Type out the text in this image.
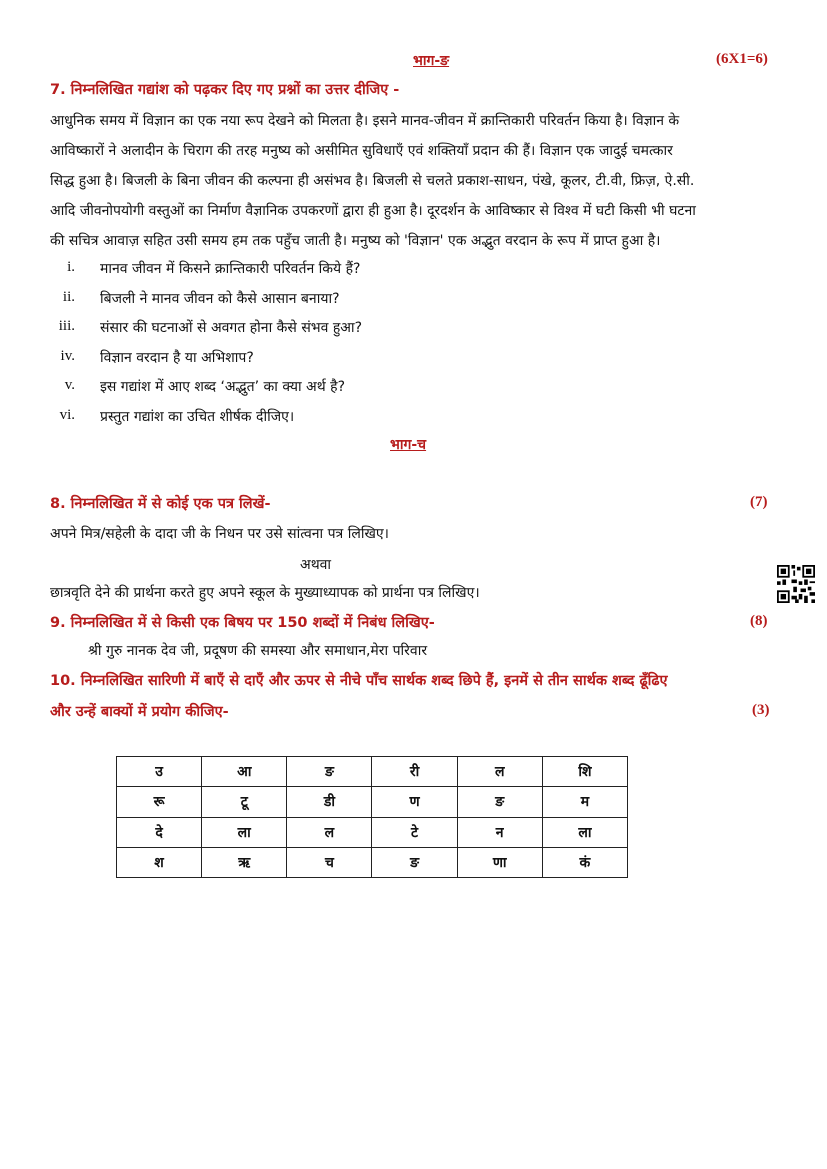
भाग-ङ	(6X1=6)
7. निम्नलिखित गद्यांश को पढ़कर दिए गए प्रश्नों का उत्तर दीजिए -
आधुनिक समय में विज्ञान का एक नया रूप देखने को मिलता है। इसने मानव-जीवन में क्रान्तिकारी परिवर्तन किया है। विज्ञान के
आविष्कारों ने अलादीन के चिराग की तरह मनुष्य को असीमित सुविधाएँ एवं शक्तियाँ प्रदान की हैं। विज्ञान एक जादुई चमत्कार
सिद्ध हुआ है। बिजली के बिना जीवन की कल्पना ही असंभव है। बिजली से चलते प्रकाश-साधन, पंखे, कूलर, टी.वी, फ्रिज़, ऐ.सी.
आदि जीवनोपयोगी वस्तुओं का निर्माण वैज्ञानिक उपकरणों द्वारा ही हुआ है। दूरदर्शन के आविष्कार से विश्व में घटी किसी भी घटना
की सचित्र आवाज़ सहित उसी समय हम तक पहुँच जाती है। मनुष्य को 'विज्ञान' एक अद्भुत वरदान के रूप में प्राप्त हुआ है।
i. मानव जीवन में किसने क्रान्तिकारी परिवर्तन किये हैं?
ii. बिजली ने मानव जीवन को कैसे आसान बनाया?
iii. संसार की घटनाओं से अवगत होना कैसे संभव हुआ?
iv. विज्ञान वरदान है या अभिशाप?
v. इस गद्यांश में आए शब्द ‘अद्भुत’ का क्या अर्थ है?
vi. प्रस्तुत गद्यांश का उचित शीर्षक दीजिए।
भाग-च
8. निम्नलिखित में से कोई एक पत्र लिखें-	(7)
अपने मित्र/सहेली के दादा जी के निधन पर उसे सांत्वना पत्र लिखिए।
अथवा
छात्रवृति देने की प्रार्थना करते हुए अपने स्कूल के मुख्याध्यापक को प्रार्थना पत्र लिखिए।
9. निम्नलिखित में से किसी एक बिषय पर 150 शब्दों में निबंध लिखिए-	(8)
श्री गुरु नानक देव जी, प्रदूषण की समस्या और समाधान,मेरा परिवार
10. निम्नलिखित सारिणी में बाएँ से दाएँ और ऊपर से नीचे पाँच सार्थक शब्द छिपे हैं, इनमें से तीन सार्थक शब्द ढूँढिए
और उन्हें बाक्यों में प्रयोग कीजिए-	(3)
उ	आ	ङ	री	ल	शि
रू	टू	डी	ण	ङ	म
दे	ला	ल	टे	न	ला
श	ऋ	च	ङ	णा	कं
